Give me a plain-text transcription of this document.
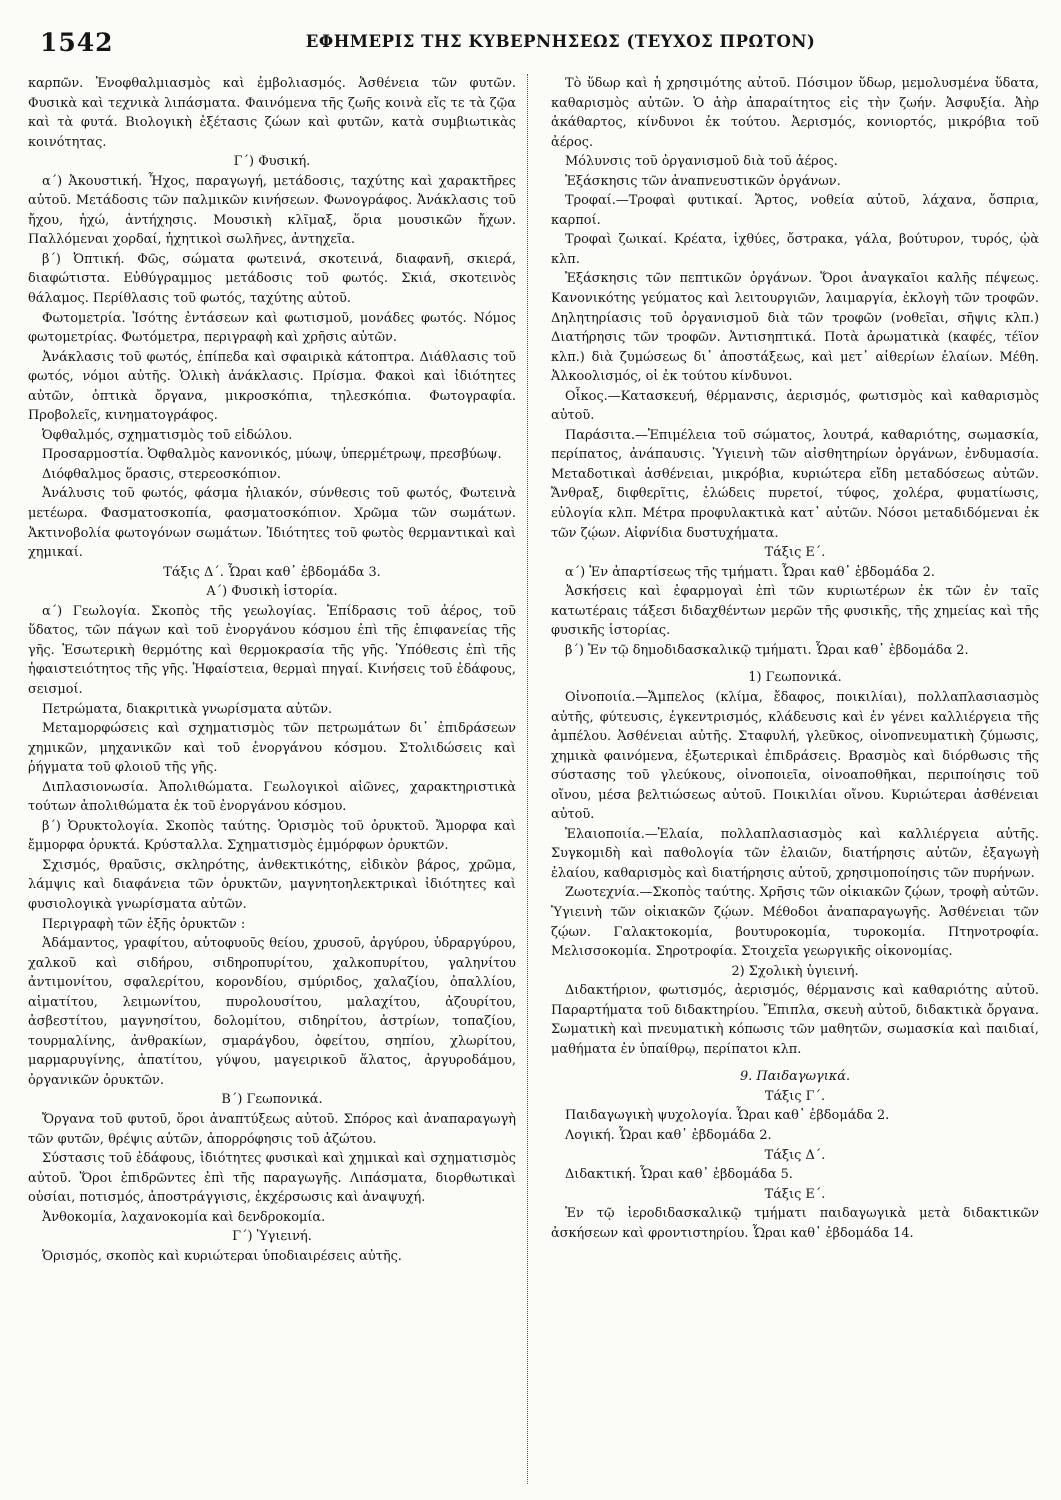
1542	ΕΦΗΜΕΡΙΣ ΤΗΣ ΚΥΒΕΡΝΗΣΕΩΣ (ΤΕΥΧΟΣ ΠΡΩΤΟΝ)

καρπῶν. Ἐνοφθαλμιασμὸς καὶ ἐμβολιασμός. Ἀσθένεια τῶν φυτῶν. Φυσικὰ καὶ τεχνικὰ λιπάσματα. Φαινόμενα τῆς ζωῆς κοινὰ εἴς τε τὰ ζῷα καὶ τὰ φυτά. Βιολογικὴ ἐξέτασις ζώων καὶ φυτῶν, κατὰ συμβιωτικὰς κοινότητας.

Γ΄) Φυσική.

α΄) Ἀκουστική. Ἦχος, παραγωγή, μετάδοσις, ταχύτης καὶ χαρακτῆρες αὐτοῦ. Μετάδοσις τῶν παλμικῶν κινήσεων. Φωνογράφος. Ἀνάκλασις τοῦ ἤχου, ἠχώ, ἀντήχησις. Μουσικὴ κλῖμαξ, ὅρια μουσικῶν ἤχων. Παλλόμεναι χορδαί, ἠχητικοὶ σωλῆνες, ἀντηχεῖα.

β΄) Ὀπτική. Φῶς, σώματα φωτεινά, σκοτεινά, διαφανῆ, σκιερά, διαφώτιστα. Εὐθύγραμμος μετάδοσις τοῦ φωτός. Σκιά, σκοτεινὸς θάλαμος. Περίθλασις τοῦ φωτός, ταχύτης αὐτοῦ.

Φωτομετρία. Ἰσότης ἐντάσεων καὶ φωτισμοῦ, μονάδες φωτός. Νόμος φωτομετρίας. Φωτόμετρα, περιγραφὴ καὶ χρῆσις αὐτῶν.

Ἀνάκλασις τοῦ φωτός, ἐπίπεδα καὶ σφαιρικὰ κάτοπτρα. Διάθλασις τοῦ φωτός, νόμοι αὐτῆς. Ὁλικὴ ἀνάκλασις. Πρίσμα. Φακοὶ καὶ ἰδιότητες αὐτῶν, ὀπτικὰ ὄργανα, μικροσκόπια, τηλεσκόπια. Φωτογραφία. Προβολεῖς, κινηματογράφος.

Ὀφθαλμός, σχηματισμὸς τοῦ εἰδώλου.

Προσαρμοστία. Ὀφθαλμὸς κανονικός, μύωψ, ὑπερμέτρωψ, πρεσβύωψ.

Διόφθαλμος ὅρασις, στερεοσκόπιον.

Ἀνάλυσις τοῦ φωτός, φάσμα ἡλιακόν, σύνθεσις τοῦ φωτός, Φωτεινὰ μετέωρα. Φασματοσκοπία, φασματοσκόπιον. Χρῶμα τῶν σωμάτων. Ἀκτινοβολία φωτογόνων σωμάτων. Ἰδιότητες τοῦ φωτὸς θερμαντικαὶ καὶ χημικαί.

Τάξις Δ΄. Ὧραι καθ᾽ ἑβδομάδα 3.

Α΄) Φυσικὴ ἱστορία.

α΄) Γεωλογία. Σκοπὸς τῆς γεωλογίας. Ἐπίδρασις τοῦ ἀέρος, τοῦ ὕδατος, τῶν πάγων καὶ τοῦ ἐνοργάνου κόσμου ἐπὶ τῆς ἐπιφανείας τῆς γῆς. Ἐσωτερικὴ θερμότης καὶ θερμοκρασία τῆς γῆς. Ὑπόθεσις ἐπὶ τῆς ἡφαιστειότητος τῆς γῆς. Ἡφαίστεια, θερμαὶ πηγαί. Κινήσεις τοῦ ἐδάφους, σεισμοί.

Πετρώματα, διακριτικὰ γνωρίσματα αὐτῶν.

Μεταμορφώσεις καὶ σχηματισμὸς τῶν πετρωμάτων δι᾽ ἐπιδράσεων χημικῶν, μηχανικῶν καὶ τοῦ ἐνοργάνου κόσμου. Στολιδώσεις καὶ ῥήγματα τοῦ φλοιοῦ τῆς γῆς.

Διπλασιονωσία. Ἀπολιθώματα. Γεωλογικοὶ αἰῶνες, χαρακτηριστικὰ τούτων ἀπολιθώματα ἐκ τοῦ ἐνοργάνου κόσμου.

β΄) Ὀρυκτολογία. Σκοπὸς ταύτης. Ὁρισμὸς τοῦ ὀρυκτοῦ. Ἄμορφα καὶ ἔμμορφα ὀρυκτά. Κρύσταλλα. Σχηματισμὸς ἐμμόρφων ὀρυκτῶν.

Σχισμός, θραῦσις, σκληρότης, ἀνθεκτικότης, εἰδικὸν βάρος, χρῶμα, λάμψις καὶ διαφάνεια τῶν ὀρυκτῶν, μαγνητοηλεκτρικαὶ ἰδιότητες καὶ φυσιολογικὰ γνωρίσματα αὐτῶν.

Περιγραφὴ τῶν ἑξῆς ὀρυκτῶν :

Ἀδάμαντος, γραφίτου, αὐτοφυοῦς θείου, χρυσοῦ, ἀργύρου, ὑδραργύρου, χαλκοῦ καὶ σιδήρου, σιδηροπυρίτου, χαλκοπυρίτου, γαληνίτου ἀντιμονίτου, σφαλερίτου, κορονδίου, σμύριδος, χαλαζίου, ὀπαλλίου, αἱματίτου, λειμωνίτου, πυρολουσίτου, μαλαχίτου, ἀζουρίτου, ἀσβεστίτου, μαγνησίτου, δολομίτου, σιδηρίτου, ἀστρίων, τοπαζίου, τουρμαλίνης, ἀνθρακίων, σμαράγδου, ὀφείτου, σηπίου, χλωρίτου, μαρμαρυγίνης, ἀπατίτου, γύψου, μαγειρικοῦ ἅλατος, ἀργυροδάμου, ὀργανικῶν ὀρυκτῶν.

Β΄) Γεωπονικά.

Ὄργανα τοῦ φυτοῦ, ὅροι ἀναπτύξεως αὐτοῦ. Σπόρος καὶ ἀναπαραγωγὴ τῶν φυτῶν, θρέψις αὐτῶν, ἀπορρόφησις τοῦ ἀζώτου.

Σύστασις τοῦ ἐδάφους, ἰδιότητες φυσικαὶ καὶ χημικαὶ καὶ σχηματισμὸς αὐτοῦ. Ὅροι ἐπιδρῶντες ἐπὶ τῆς παραγωγῆς. Λιπάσματα, διορθωτικαὶ οὐσίαι, ποτισμός, ἀποστράγγισις, ἐκχέρσωσις καὶ ἀναψυχή.

Ἀνθοκομία, λαχανοκομία καὶ δενδροκομία.

Γ΄) Ὑγιεινή.

Ὁρισμός, σκοπὸς καὶ κυριώτεραι ὑποδιαιρέσεις αὐτῆς.

Τὸ ὕδωρ καὶ ἡ χρησιμότης αὐτοῦ. Πόσιμον ὕδωρ, μεμολυσμένα ὕδατα, καθαρισμὸς αὐτῶν. Ὁ ἀὴρ ἀπαραίτητος εἰς τὴν ζωήν. Ἀσφυξία. Ἀὴρ ἀκάθαρτος, κίνδυνοι ἐκ τούτου. Ἀερισμός, κονιορτός, μικρόβια τοῦ ἀέρος.

Μόλυνσις τοῦ ὀργανισμοῦ διὰ τοῦ ἀέρος.

Ἐξάσκησις τῶν ἀναπνευστικῶν ὀργάνων.

Τροφαί.—Τροφαὶ φυτικαί. Ἄρτος, νοθεία αὐτοῦ, λάχανα, ὄσπρια, καρποί.

Τροφαὶ ζωικαί. Κρέατα, ἰχθύες, ὄστρακα, γάλα, βούτυρον, τυρός, ᾠὰ κλπ.

Ἐξάσκησις τῶν πεπτικῶν ὀργάνων. Ὅροι ἀναγκαῖοι καλῆς πέψεως. Κανονικότης γεύματος καὶ λειτουργιῶν, λαιμαργία, ἐκλογὴ τῶν τροφῶν. Δηλητηρίασις τοῦ ὀργανισμοῦ διὰ τῶν τροφῶν (νοθεῖαι, σῆψις κλπ.) Διατήρησις τῶν τροφῶν. Ἀντισηπτικά. Ποτὰ ἀρωματικὰ (καφές, τέϊον κλπ.) διὰ ζυμώσεως δι᾽ ἀποστάξεως, καὶ μετ᾽ αἰθερίων ἐλαίων. Μέθη. Ἀλκοολισμός, οἱ ἐκ τούτου κίνδυνοι.

Οἶκος.—Κατασκευή, θέρμανσις, ἀερισμός, φωτισμὸς καὶ καθαρισμὸς αὐτοῦ.

Παράσιτα.—Ἐπιμέλεια τοῦ σώματος, λουτρά, καθαριότης, σωμασκία, περίπατος, ἀνάπαυσις. Ὑγιεινὴ τῶν αἰσθητηρίων ὀργάνων, ἐνδυμασία. Μεταδοτικαὶ ἀσθένειαι, μικρόβια, κυριώτερα εἴδη μεταδόσεως αὐτῶν. Ἄνθραξ, διφθερῖτις, ἑλώδεις πυρετοί, τύφος, χολέρα, φυματίωσις, εὐλογία κλπ. Μέτρα προφυλακτικὰ κατ᾽ αὐτῶν. Νόσοι μεταδιδόμεναι ἐκ τῶν ζῴων. Αἰφνίδια δυστυχήματα.

Τάξις Ε΄.

α΄) Ἐν ἀπαρτίσεως τῆς τμήματι. Ὧραι καθ᾽ ἑβδομάδα 2.

Ἀσκήσεις καὶ ἐφαρμογαὶ ἐπὶ τῶν κυριωτέρων ἐκ τῶν ἐν ταῖς κατωτέραις τάξεσι διδαχθέντων μερῶν τῆς φυσικῆς, τῆς χημείας καὶ τῆς φυσικῆς ἱστορίας.

β΄) Ἐν τῷ δημοδιδασκαλικῷ τμήματι. Ὧραι καθ᾽ ἑβδομάδα 2.

1) Γεωπονικά.

Οἰνοποιία.—Ἄμπελος (κλίμα, ἔδαφος, ποικιλίαι), πολλαπλασιασμὸς αὐτῆς, φύτευσις, ἐγκεντρισμός, κλάδευσις καὶ ἐν γένει καλλιέργεια τῆς ἀμπέλου. Ἀσθένειαι αὐτῆς. Σταφυλή, γλεῦκος, οἰνοπνευματικὴ ζύμωσις, χημικὰ φαινόμενα, ἐξωτερικαὶ ἐπιδράσεις. Βρασμὸς καὶ διόρθωσις τῆς σύστασης τοῦ γλεύκους, οἰνοποιεῖα, οἰνοαποθῆκαι, περιποίησις τοῦ οἴνου, μέσα βελτιώσεως αὐτοῦ. Ποικιλίαι οἴνου. Κυριώτεραι ἀσθένειαι αὐτοῦ.

Ἐλαιοποιία.—Ἐλαία, πολλαπλασιασμὸς καὶ καλλιέργεια αὐτῆς. Συγκομιδὴ καὶ παθολογία τῶν ἐλαιῶν, διατήρησις αὐτῶν, ἐξαγωγὴ ἐλαίου, καθαρισμὸς καὶ διατήρησις αὐτοῦ, χρησιμοποίησις τῶν πυρήνων.

Ζωοτεχνία.—Σκοπὸς ταύτης. Χρῆσις τῶν οἰκιακῶν ζῴων, τροφὴ αὐτῶν. Ὑγιεινὴ τῶν οἰκιακῶν ζῴων. Μέθοδοι ἀναπαραγωγῆς. Ἀσθένειαι τῶν ζῴων. Γαλακτοκομία, βουτυροκομία, τυροκομία. Πτηνοτροφία. Μελισσοκομία. Σηροτροφία. Στοιχεῖα γεωργικῆς οἰκονομίας.

2) Σχολικὴ ὑγιεινή.

Διδακτήριον, φωτισμός, ἀερισμός, θέρμανσις καὶ καθαριότης αὐτοῦ. Παραρτήματα τοῦ διδακτηρίου. Ἔπιπλα, σκευὴ αὐτοῦ, διδακτικὰ ὄργανα. Σωματικὴ καὶ πνευματικὴ κόπωσις τῶν μαθητῶν, σωμασκία καὶ παιδιαί, μαθήματα ἐν ὑπαίθρῳ, περίπατοι κλπ.

9. Παιδαγωγικά.

Τάξις Γ΄.

Παιδαγωγικὴ ψυχολογία. Ὧραι καθ᾽ ἑβδομάδα 2.

Λογική. Ὧραι καθ᾽ ἑβδομάδα 2.

Τάξις Δ΄.

Διδακτική. Ὧραι καθ᾽ ἑβδομάδα 5.

Τάξις Ε΄.

Ἐν τῷ ἱεροδιδασκαλικῷ τμήματι παιδαγωγικὰ μετὰ διδακτικῶν ἀσκήσεων καὶ φροντιστηρίου. Ὧραι καθ᾽ ἑβδομάδα 14.
